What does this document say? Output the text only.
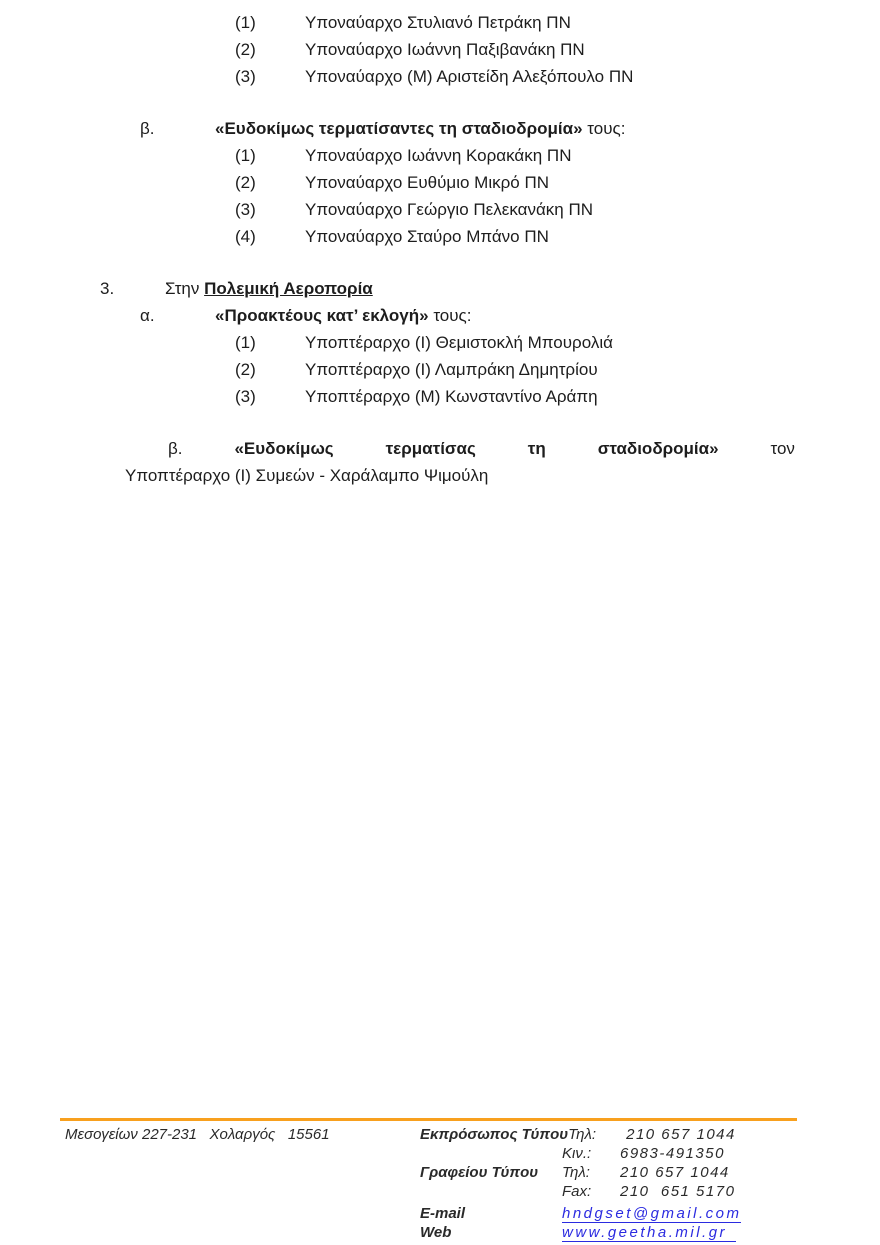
(1)	Υποναύαρχο Στυλιανό Πετράκη ΠΝ
(2)	Υποναύαρχο Ιωάννη Παξιβανάκη ΠΝ
(3)	Υποναύαρχο (Μ) Αριστείδη Αλεξόπουλο ΠΝ
β.	«Ευδοκίμως τερματίσαντες τη σταδιοδρομία» τους:
(1)	Υποναύαρχο Ιωάννη Κορακάκη ΠΝ
(2)	Υποναύαρχο Ευθύμιο Μικρό ΠΝ
(3)	Υποναύαρχο Γεώργιο Πελεκανάκη ΠΝ
(4)	Υποναύαρχο Σταύρο Μπάνο ΠΝ
3.	Στην Πολεμική Αεροπορία
α.	«Προακτέους κατ’ εκλογή» τους:
(1)	Υποπτέραρχο (Ι) Θεμιστοκλή Μπουρολιά
(2)	Υποπτέραρχο (Ι) Λαμπράκη Δημητρίου
(3)	Υποπτέραρχο (Μ) Κωνσταντίνο Αράπη
β.	«Ευδοκίμως	τερματίσας	τη	σταδιοδρομία»	τον
Υποπτέραρχο (Ι) Συμεών - Χαράλαμπο Ψιμούλη
Μεσογείων 227-231   Χολαργός   15561	Εκπρόσωπος Τύπου Τηλ:	210 657 1044
Κιν.:	6983-491350
Γραφείου Τύπου	Τηλ:	210 657 1044
Fax:	210  651 5170
E-mail	hndgset@gmail.com
Web	www.geetha.mil.gr
